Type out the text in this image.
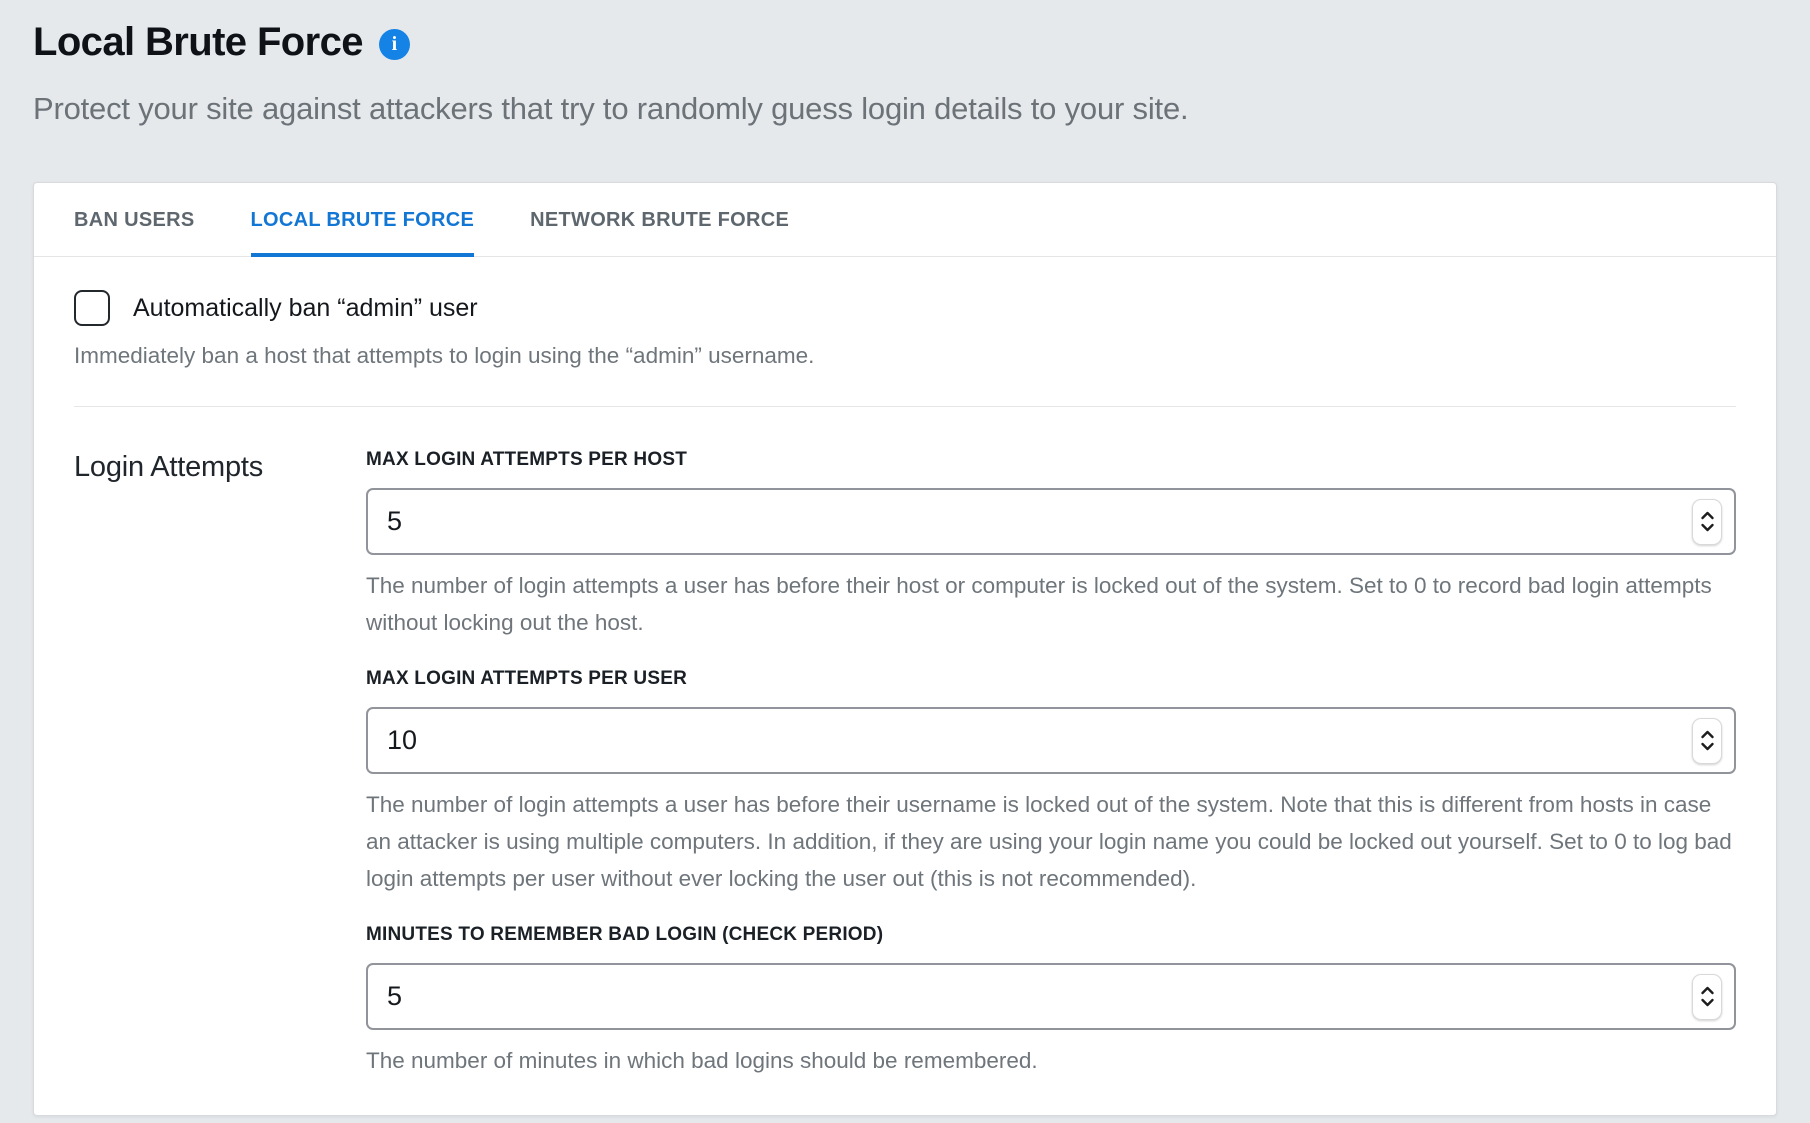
Local Brute Force	i

Protect your site against attackers that try to randomly guess login details to your site.

BAN USERS	LOCAL BRUTE FORCE	NETWORK BRUTE FORCE
Automatically ban “admin” user
Immediately ban a host that attempts to login using the “admin” username.
Login Attempts	MAX LOGIN ATTEMPTS PER HOST
5
The number of login attempts a user has before their host or computer is locked out of the system. Set to 0 to record bad login attempts without locking out the host.
MAX LOGIN ATTEMPTS PER USER
10
The number of login attempts a user has before their username is locked out of the system. Note that this is different from hosts in case an attacker is using multiple computers. In addition, if they are using your login name you could be locked out yourself. Set to 0 to log bad login attempts per user without ever locking the user out (this is not recommended).
MINUTES TO REMEMBER BAD LOGIN (CHECK PERIOD)
5
The number of minutes in which bad logins should be remembered.
